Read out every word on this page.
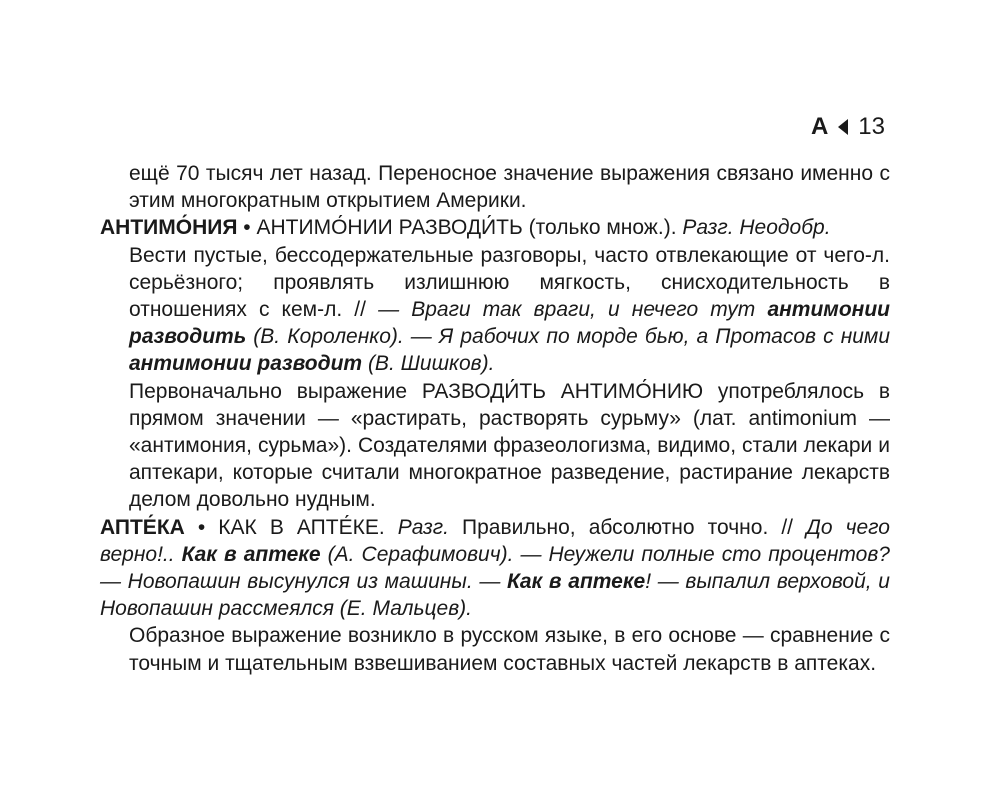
А 13

ещё 70 тысяч лет назад. Переносное значение выражения связано именно с этим многократным открытием Америки.

АНТИМО́НИЯ • АНТИМО́НИИ РАЗВОДИ́ТЬ (только множ.). Разг. Неодобр.

Вести пустые, бессодержательные разговоры, часто отвлекающие от чего-л. серьёзного; проявлять излишнюю мягкость, снисходительность в отношениях с кем-л. // — Враги так враги, и нечего тут антимонии разводить (В. Короленко). — Я рабочих по морде бью, а Протасов с ними антимонии разводит (В. Шишков).

Первоначально выражение РАЗВОДИ́ТЬ АНТИМО́НИЮ употреблялось в прямом значении — «растирать, растворять сурьму» (лат. antimonium — «антимония, сурьма»). Создателями фразеологизма, видимо, стали лекари и аптекари, которые считали многократное разведение, растирание лекарств делом довольно нудным.

АПТЕ́КА • КАК В АПТЕ́КЕ. Разг. Правильно, абсолютно точно. // До чего верно!.. Как в аптеке (А. Серафимович). — Неужели полные сто процентов? — Новопашин высунулся из машины. — Как в аптеке! — выпалил верховой, и Новопашин рассмеялся (Е. Мальцев).

Образное выражение возникло в русском языке, в его основе — сравнение с точным и тщательным взвешиванием составных частей лекарств в аптеках.
